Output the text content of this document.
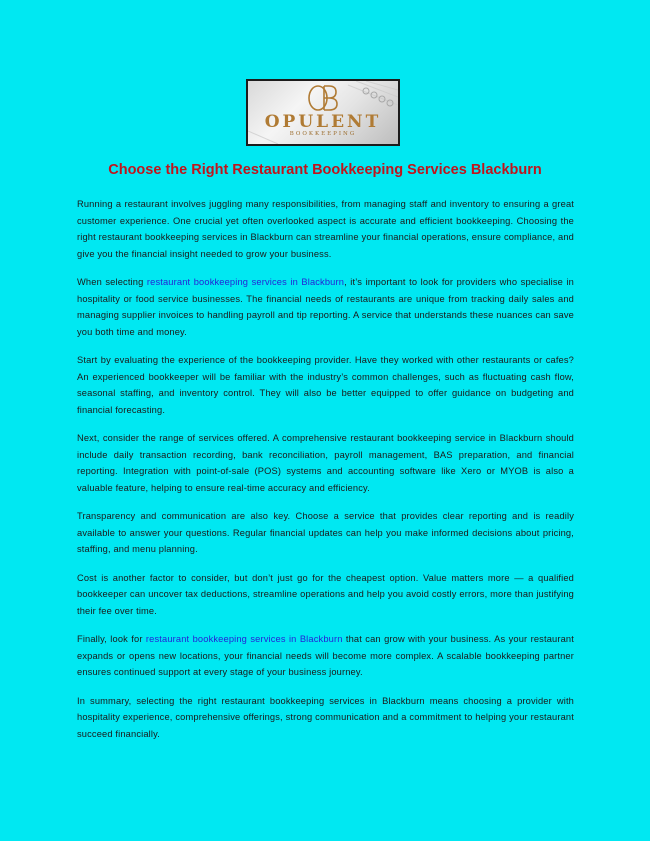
OPULENT
BOOKKEEPING
Choose the Right Restaurant Bookkeeping Services Blackburn

Running a restaurant involves juggling many responsibilities, from managing staff and inventory to ensuring a great customer experience. One crucial yet often overlooked aspect is accurate and efficient bookkeeping. Choosing the right restaurant bookkeeping services in Blackburn can streamline your financial operations, ensure compliance, and give you the financial insight needed to grow your business.

When selecting restaurant bookkeeping services in Blackburn, it’s important to look for providers who specialise in hospitality or food service businesses. The financial needs of restaurants are unique from tracking daily sales and managing supplier invoices to handling payroll and tip reporting. A service that understands these nuances can save you both time and money.

Start by evaluating the experience of the bookkeeping provider. Have they worked with other restaurants or cafes? An experienced bookkeeper will be familiar with the industry’s common challenges, such as fluctuating cash flow, seasonal staffing, and inventory control. They will also be better equipped to offer guidance on budgeting and financial forecasting.

Next, consider the range of services offered. A comprehensive restaurant bookkeeping service in Blackburn should include daily transaction recording, bank reconciliation, payroll management, BAS preparation, and financial reporting. Integration with point-of-sale (POS) systems and accounting software like Xero or MYOB is also a valuable feature, helping to ensure real-time accuracy and efficiency.

Transparency and communication are also key. Choose a service that provides clear reporting and is readily available to answer your questions. Regular financial updates can help you make informed decisions about pricing, staffing, and menu planning.

Cost is another factor to consider, but don’t just go for the cheapest option. Value matters more — a qualified bookkeeper can uncover tax deductions, streamline operations and help you avoid costly errors, more than justifying their fee over time.

Finally, look for restaurant bookkeeping services in Blackburn that can grow with your business. As your restaurant expands or opens new locations, your financial needs will become more complex. A scalable bookkeeping partner ensures continued support at every stage of your business journey.

In summary, selecting the right restaurant bookkeeping services in Blackburn means choosing a provider with hospitality experience, comprehensive offerings, strong communication and a commitment to helping your restaurant succeed financially.
